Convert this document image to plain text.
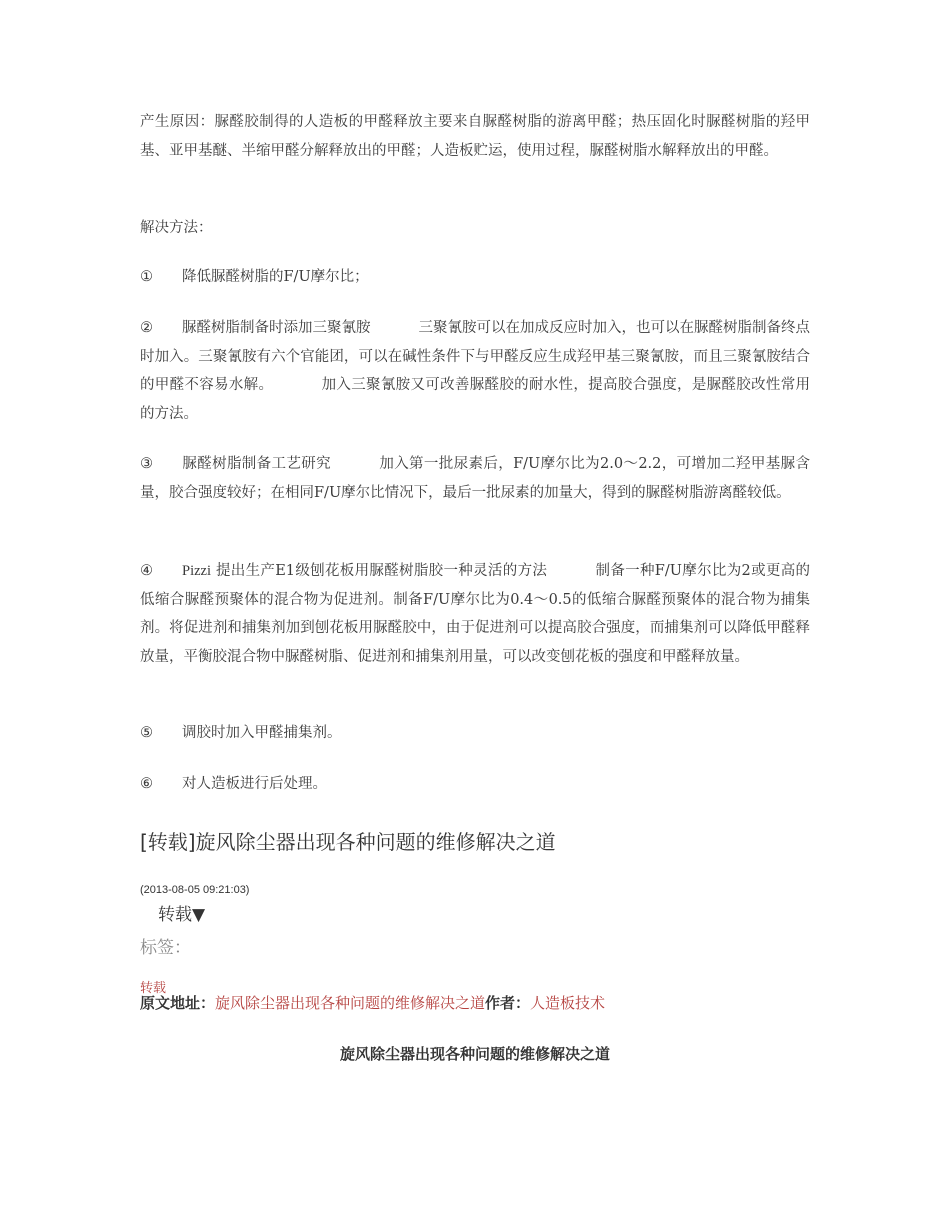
产生原因：脲醛胶制得的人造板的甲醛释放主要来自脲醛树脂的游离甲醛；热压固化时脲醛树脂的羟甲基、亚甲基醚、半缩甲醛分解释放出的甲醛；人造板贮运，使用过程，脲醛树脂水解释放出的甲醛。

解决方法：

① 降低脲醛树脂的F/U摩尔比；

② 脲醛树脂制备时添加三聚氰胺	三聚氰胺可以在加成反应时加入，也可以在脲醛树脂制备终点时加入。三聚氰胺有六个官能团，可以在碱性条件下与甲醛反应生成羟甲基三聚氰胺，而且三聚氰胺结合的甲醛不容易水解。	加入三聚氰胺又可改善脲醛胶的耐水性，提高胶合强度，是脲醛胶改性常用的方法。

③ 脲醛树脂制备工艺研究	加入第一批尿素后，F/U摩尔比为2.0～2.2，可增加二羟甲基脲含量，胶合强度较好；在相同F/U摩尔比情况下，最后一批尿素的加量大，得到的脲醛树脂游离醛较低。

④ Pizzi 提出生产E1级刨花板用脲醛树脂胶一种灵活的方法	制备一种F/U摩尔比为2或更高的低缩合脲醛预聚体的混合物为促进剂。制备F/U摩尔比为0.4～0.5的低缩合脲醛预聚体的混合物为捕集剂。将促进剂和捕集剂加到刨花板用脲醛胶中，由于促进剂可以提高胶合强度，而捕集剂可以降低甲醛释放量，平衡胶混合物中脲醛树脂、促进剂和捕集剂用量，可以改变刨花板的强度和甲醛释放量。

⑤ 调胶时加入甲醛捕集剂。

⑥ 对人造板进行后处理。

[转载]旋风除尘器出现各种问题的维修解决之道
(2013-08-05 09:21:03)
转载▼
标签：
转载
原文地址：旋风除尘器出现各种问题的维修解决之道作者：人造板技术
旋风除尘器出现各种问题的维修解决之道
